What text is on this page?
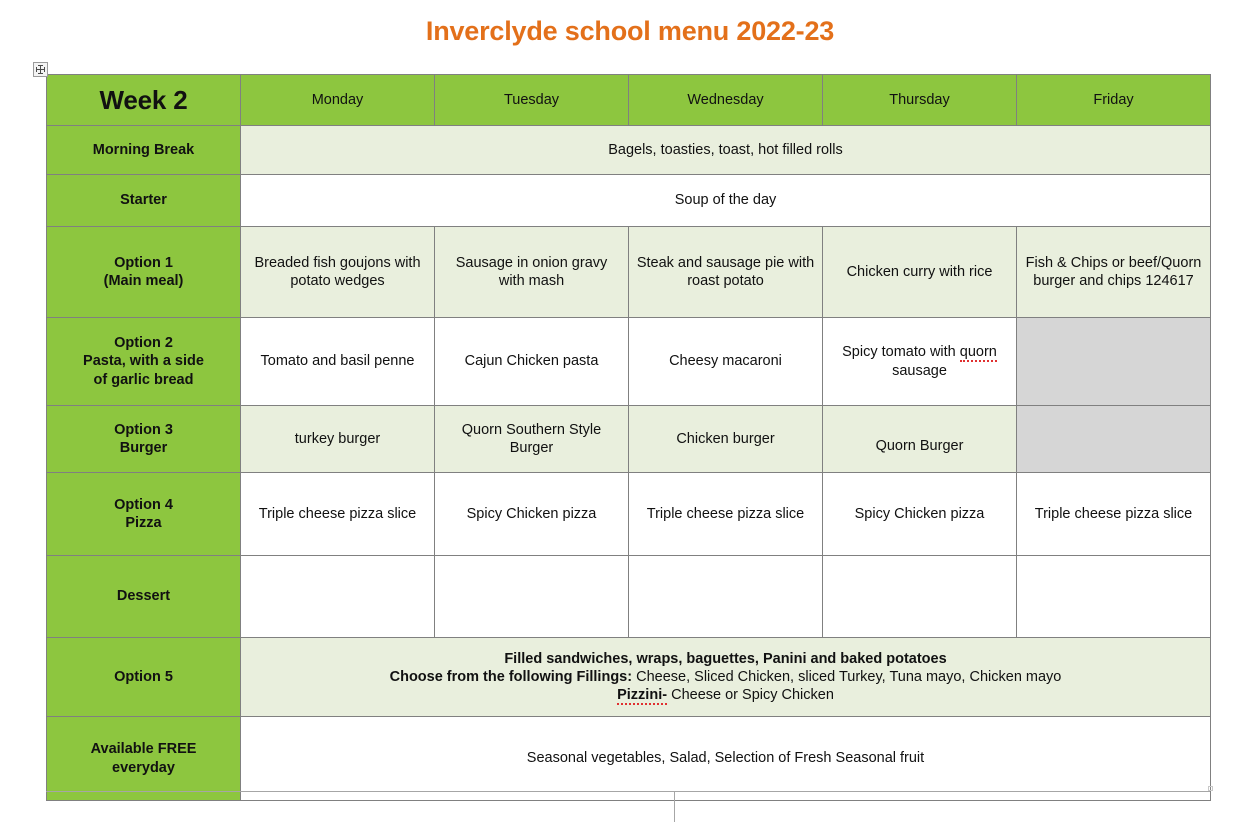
Inverclyde school menu 2022-23
Week 2	Monday	Tuesday	Wednesday	Thursday	Friday
Morning Break	Bagels, toasties, toast, hot filled rolls				
Starter	Soup of the day				
Option 1
(Main meal)	Breaded fish goujons with potato wedges	Sausage in onion gravy with mash	Steak and sausage pie with roast potato	Chicken curry with rice	Fish & Chips or beef/Quorn burger and chips 124617
Option 2
Pasta, with a side
of garlic bread	Tomato and basil penne	Cajun Chicken pasta	Cheesy macaroni	Spicy tomato with quorn sausage	
Option 3
Burger	turkey burger	Quorn Southern Style Burger	Chicken burger	Quorn Burger	
Option 4
Pizza	Triple cheese pizza slice	Spicy Chicken pizza	Triple cheese pizza slice	Spicy Chicken pizza	Triple cheese pizza slice
Dessert					
Option 5	Filled sandwiches, wraps, baguettes, Panini and baked potatoes
Choose from the following Fillings: Cheese, Sliced Chicken, sliced Turkey, Tuna mayo, Chicken mayo
Pizzini- Cheese or Spicy Chicken				

Available FREE
everyday	Seasonal vegetables, Salad, Selection of Fresh Seasonal fruit				
